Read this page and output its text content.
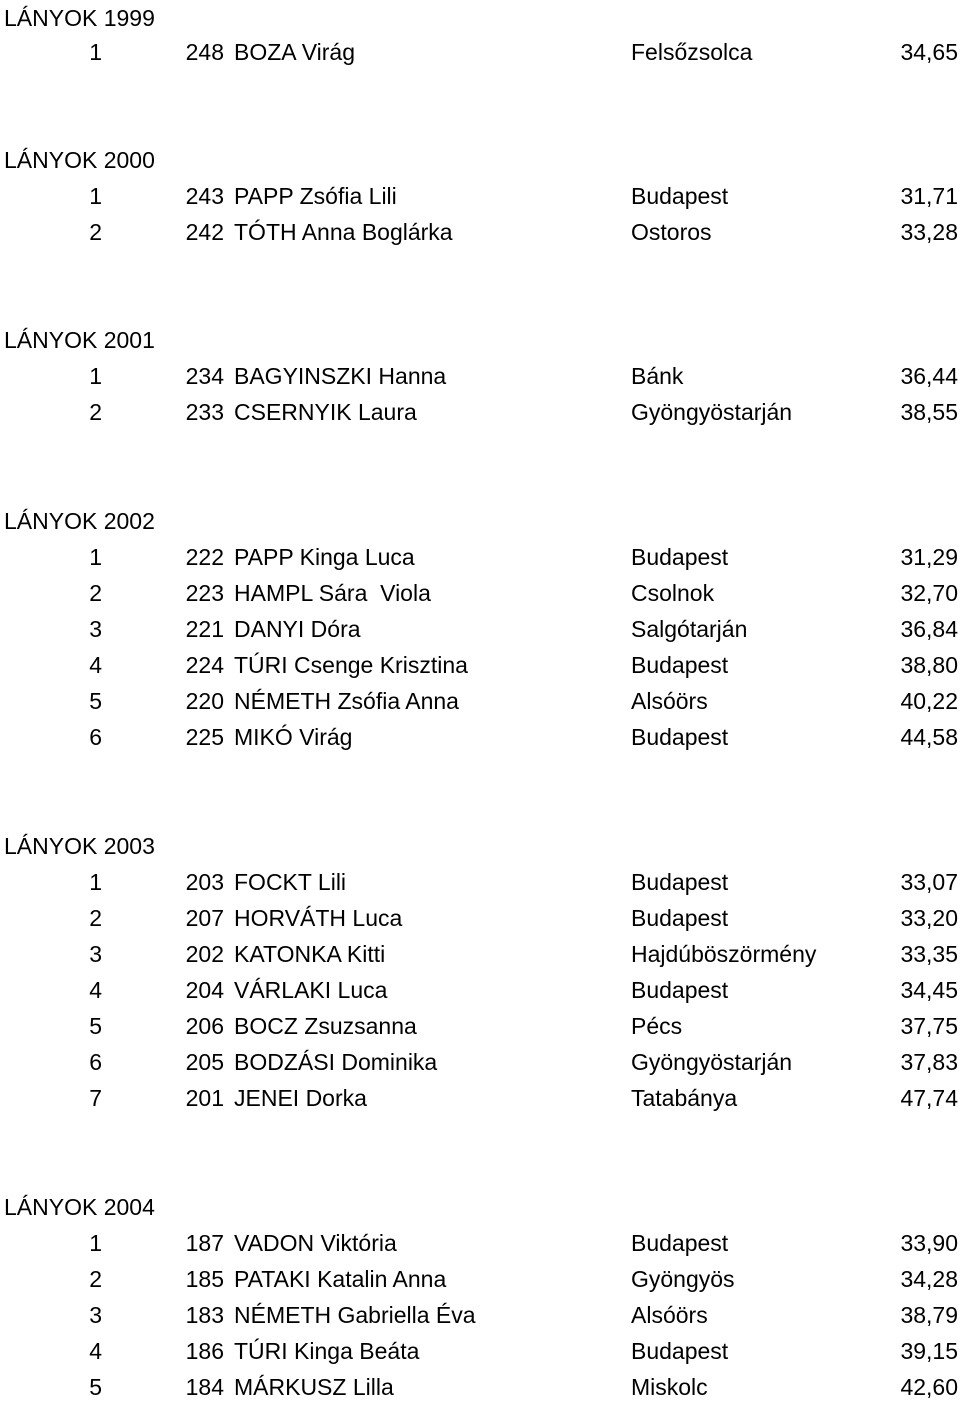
LÁNYOK 1999
1	248 BOZA Virág	Felsőzsolca	34,65
LÁNYOK 2000
1	243 PAPP Zsófia Lili	Budapest	31,71
2	242 TÓTH Anna Boglárka	Ostoros	33,28
LÁNYOK 2001
1	234 BAGYINSZKI Hanna	Bánk	36,44
2	233 CSERNYIK Laura	Gyöngyöstarján	38,55
LÁNYOK 2002
1	222 PAPP Kinga Luca	Budapest	31,29
2	223 HAMPL Sára  Viola	Csolnok	32,70
3	221 DANYI Dóra	Salgótarján	36,84
4	224 TÚRI Csenge Krisztina	Budapest	38,80
5	220 NÉMETH Zsófia Anna	Alsóörs	40,22
6	225 MIKÓ Virág	Budapest	44,58
LÁNYOK 2003
1	203 FOCKT Lili	Budapest	33,07
2	207 HORVÁTH Luca	Budapest	33,20
3	202 KATONKA Kitti	Hajdúböszörmény	33,35
4	204 VÁRLAKI Luca	Budapest	34,45
5	206 BOCZ Zsuzsanna	Pécs	37,75
6	205 BODZÁSI Dominika	Gyöngyöstarján	37,83
7	201 JENEI Dorka	Tatabánya	47,74
LÁNYOK 2004
1	187 VADON Viktória	Budapest	33,90
2	185 PATAKI Katalin Anna	Gyöngyös	34,28
3	183 NÉMETH Gabriella Éva	Alsóörs	38,79
4	186 TÚRI Kinga Beáta	Budapest	39,15
5	184 MÁRKUSZ Lilla	Miskolc	42,60
